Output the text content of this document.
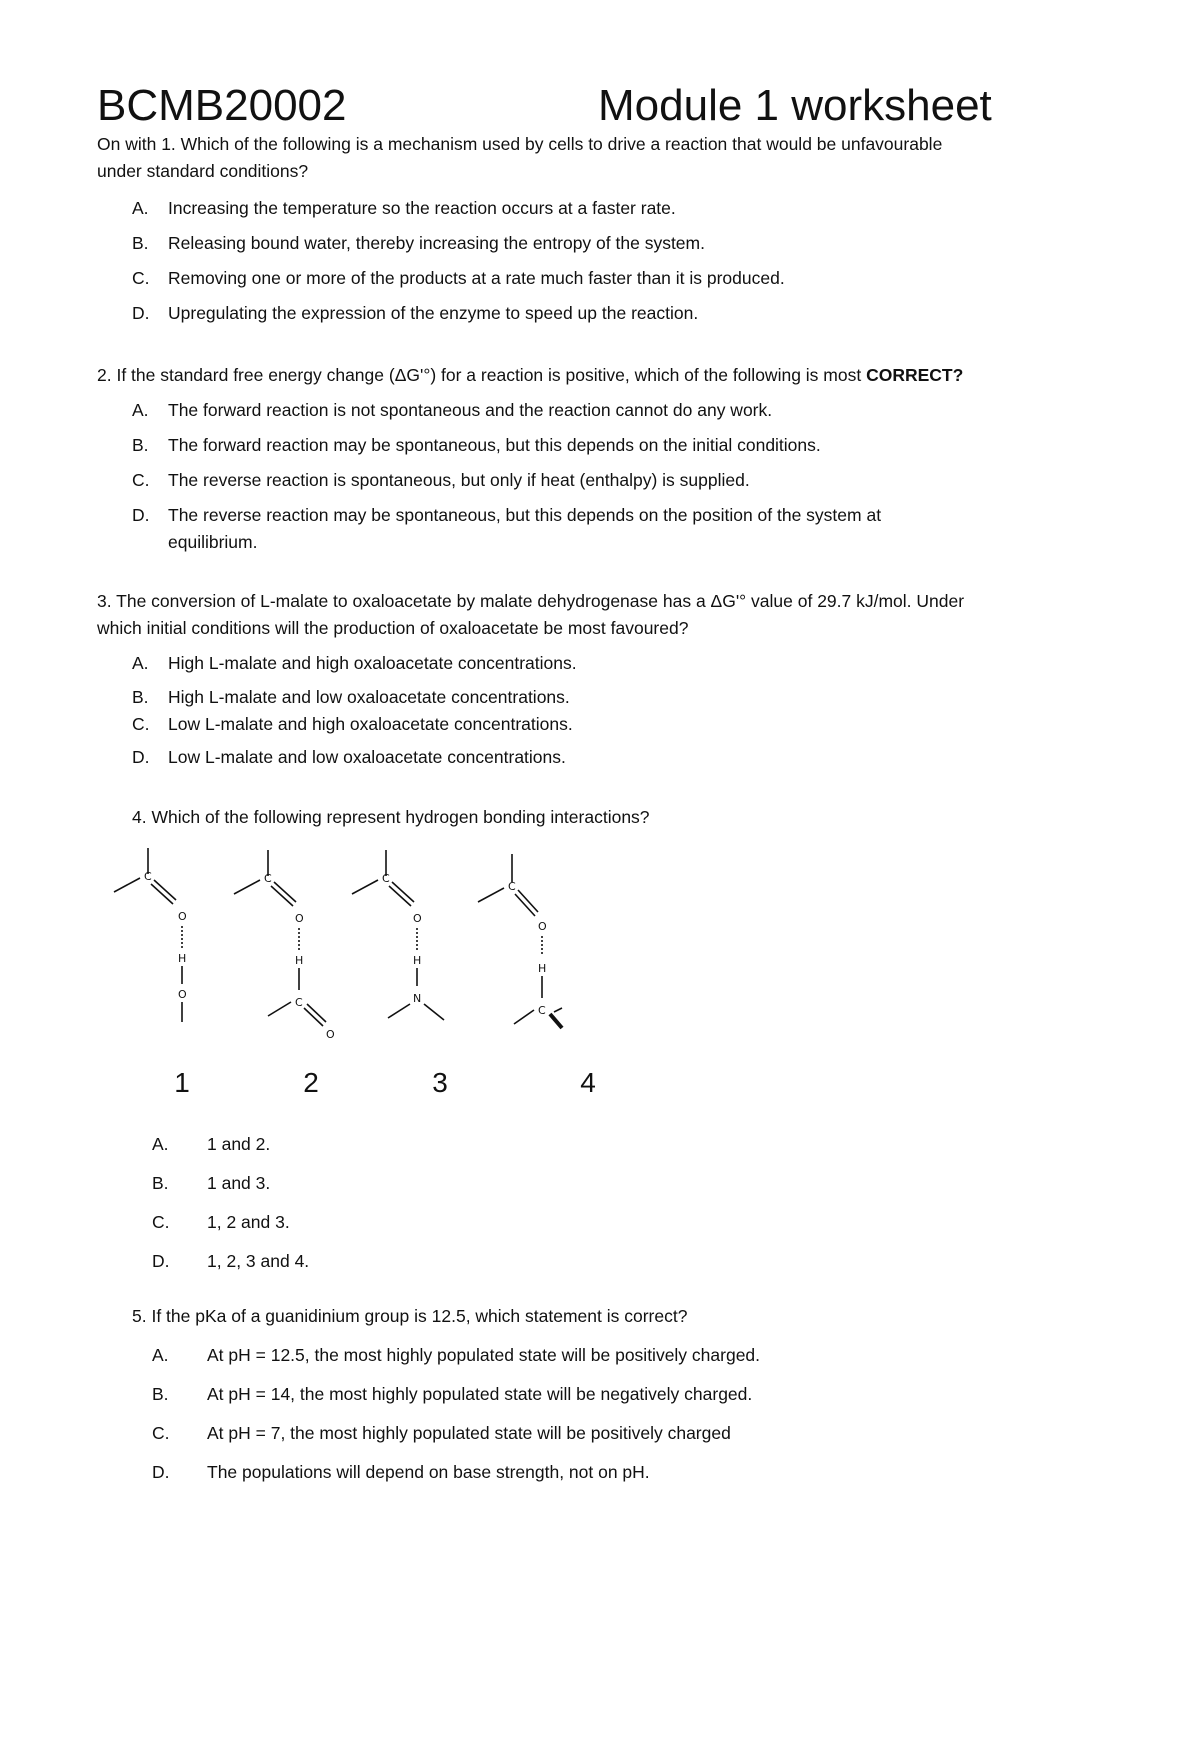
BCMB20002	Module 1 worksheet
On with 1. Which of the following is a mechanism used by cells to drive a reaction that would be unfavourable
under standard conditions?
A.	Increasing the temperature so the reaction occurs at a faster rate.
B.	Releasing bound water, thereby increasing the entropy of the system.
C.	Removing one or more of the products at a rate much faster than it is produced.
D.	Upregulating the expression of the enzyme to speed up the reaction.
2. If the standard free energy change (ΔG'°) for a reaction is positive, which of the following is most CORRECT?
A.	The forward reaction is not spontaneous and the reaction cannot do any work.
B.	The forward reaction may be spontaneous, but this depends on the initial conditions.
C.	The reverse reaction is spontaneous, but only if heat (enthalpy) is supplied.
D.	The reverse reaction may be spontaneous, but this depends on the position of the system at
equilibrium.
3. The conversion of L-malate to oxaloacetate by malate dehydrogenase has a ΔG'° value of 29.7 kJ/mol. Under
which initial conditions will the production of oxaloacetate be most favoured?
A.	High L-malate and high oxaloacetate concentrations.
B.	High L-malate and low oxaloacetate concentrations.
C.	Low L-malate and high oxaloacetate concentrations.
D.	Low L-malate and low oxaloacetate concentrations.
4. Which of the following represent hydrogen bonding interactions?
C
O
H
O
C
O
H
C
O
C
O
H
N
C
O
H
C
1	2	3	4
A.	1 and 2.
B.	1 and 3.
C.	1, 2 and 3.
D.	1, 2, 3 and 4.
5. If the pKa of a guanidinium group is 12.5, which statement is correct?
A.	At pH = 12.5, the most highly populated state will be positively charged.
B.	At pH = 14, the most highly populated state will be negatively charged.
C.	At pH = 7, the most highly populated state will be positively charged
D.	The populations will depend on base strength, not on pH.
